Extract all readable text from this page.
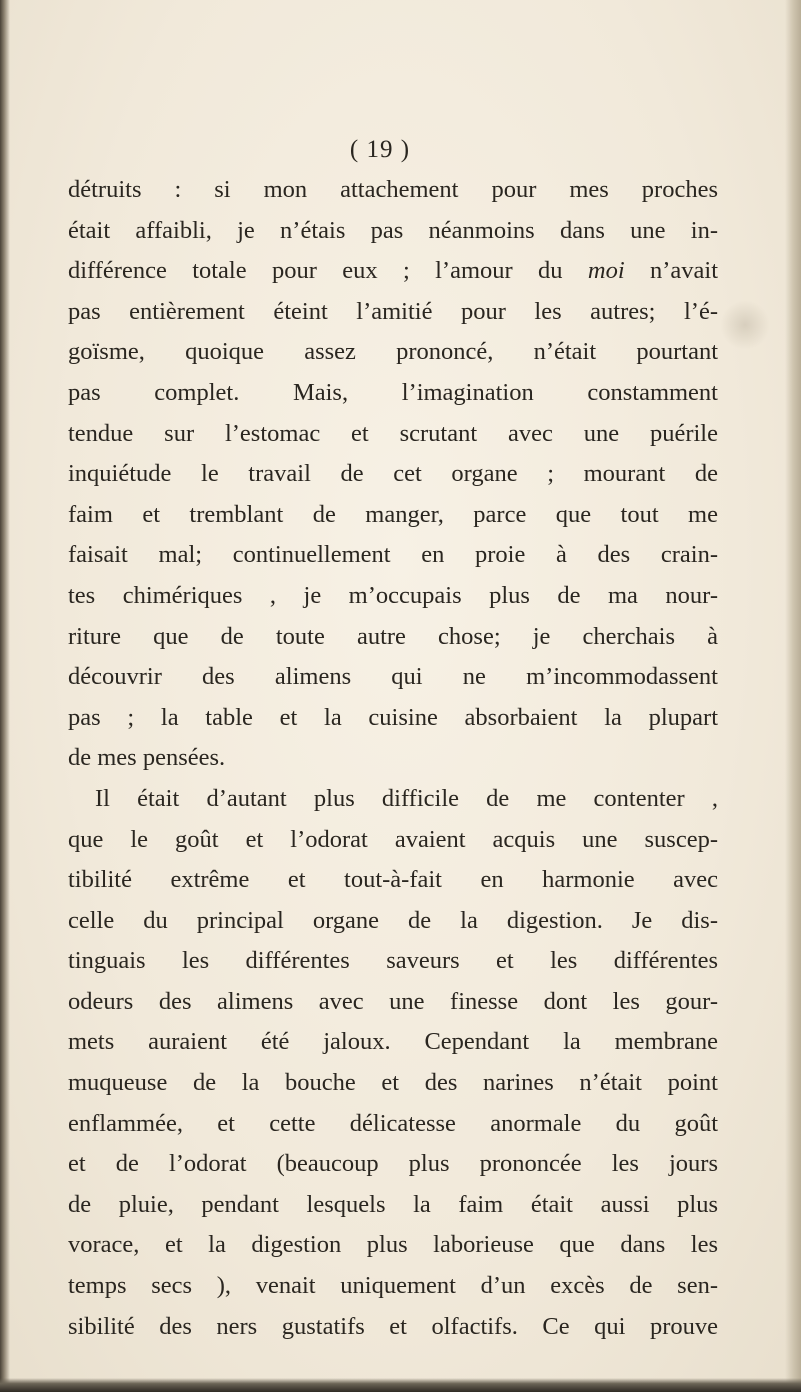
( 19 )
détruits : si mon attachement pour mes proches
était affaibli, je n’étais pas néanmoins dans une in-
différence totale pour eux ; l’amour du moi n’avait
pas entièrement éteint l’amitié pour les autres; l’é-
goïsme, quoique assez prononcé, n’était pourtant
pas complet. Mais, l’imagination constamment
tendue sur l’estomac et scrutant avec une puérile
inquiétude le travail de cet organe ; mourant de
faim et tremblant de manger, parce que tout me
faisait mal; continuellement en proie à des crain-
tes chimériques , je m’occupais plus de ma nour-
riture que de toute autre chose; je cherchais à
découvrir des alimens qui ne m’incommodassent
pas ; la table et la cuisine absorbaient la plupart
de mes pensées.
Il était d’autant plus difficile de me contenter ,
que le goût et l’odorat avaient acquis une suscep-
tibilité extrême et tout-à-fait en harmonie avec
celle du principal organe de la digestion. Je dis-
tinguais les différentes saveurs et les différentes
odeurs des alimens avec une finesse dont les gour-
mets auraient été jaloux. Cependant la membrane
muqueuse de la bouche et des narines n’était point
enflammée, et cette délicatesse anormale du goût
et de l’odorat (beaucoup plus prononcée les jours
de pluie, pendant lesquels la faim était aussi plus
vorace, et la digestion plus laborieuse que dans les
temps secs ), venait uniquement d’un excès de sen-
sibilité des ners gustatifs et olfactifs. Ce qui prouve
